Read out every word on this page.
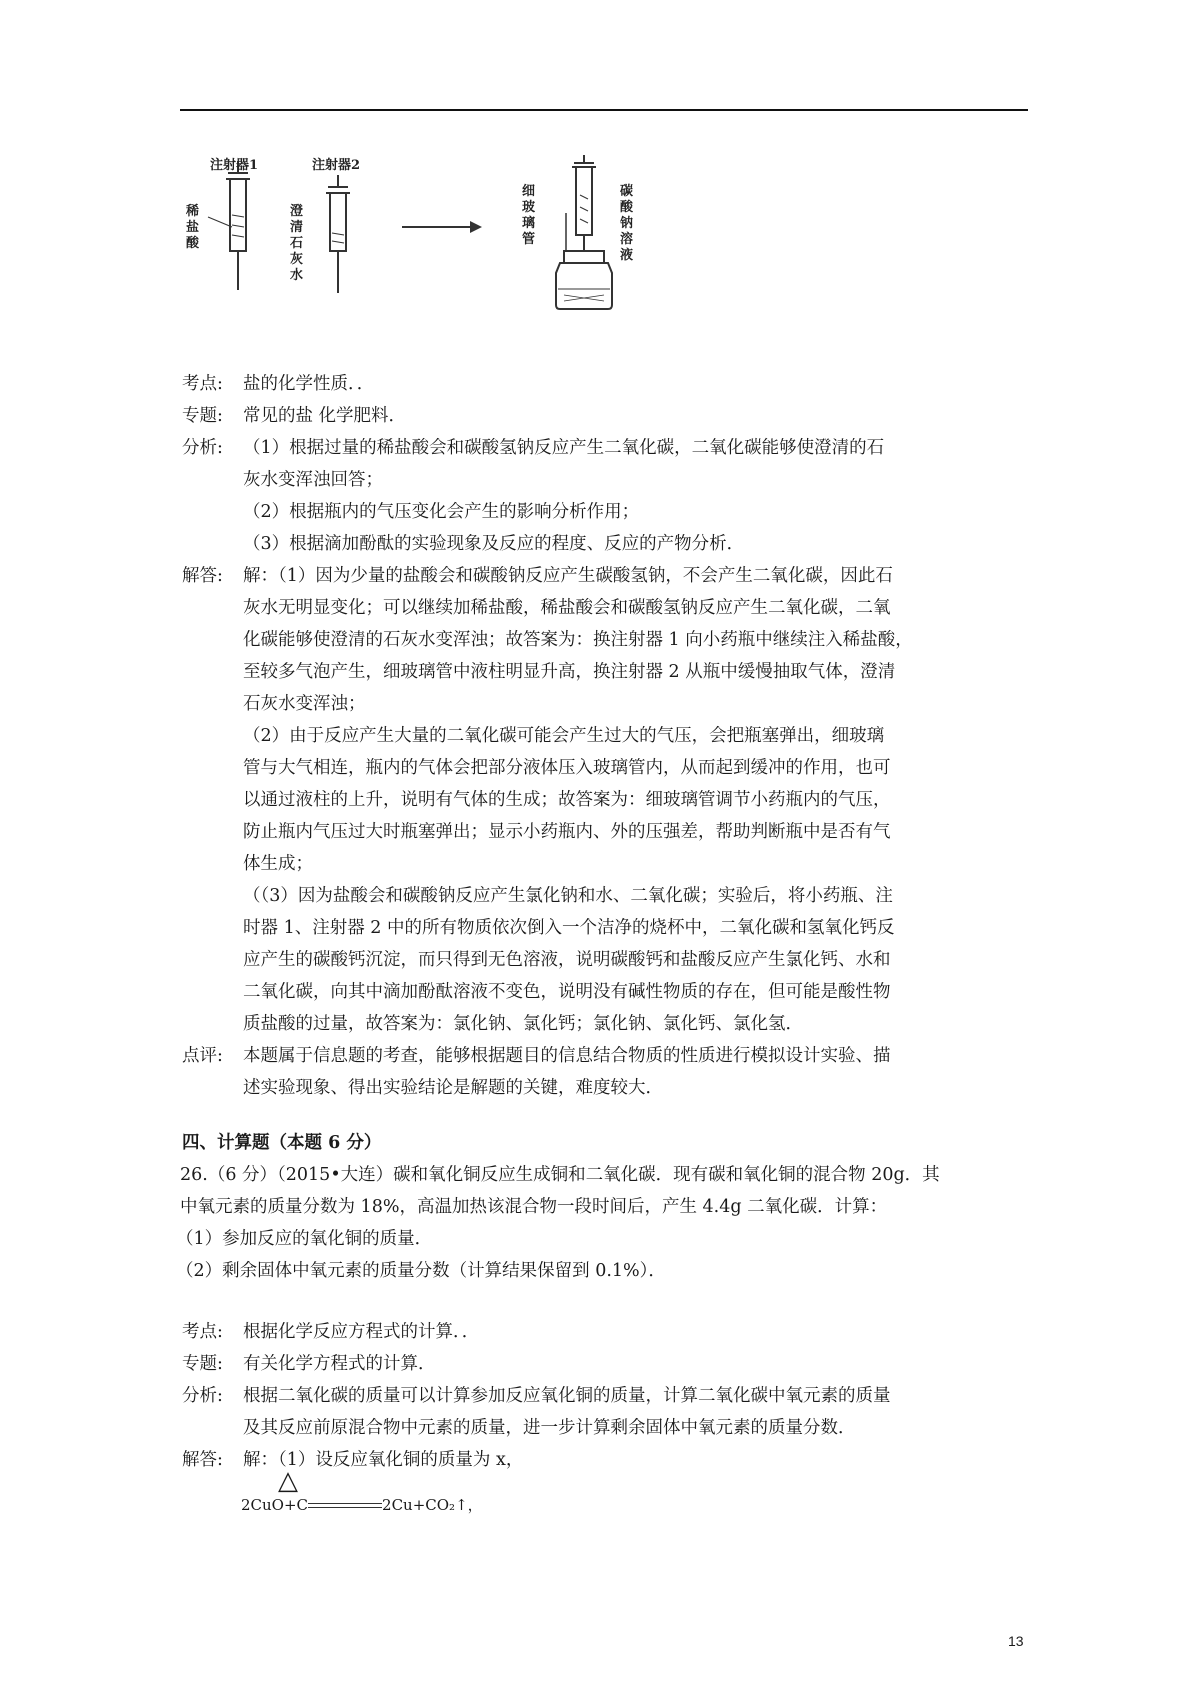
注射器1
稀
盐
酸
注射器2
澄
清
石
灰
水
细
玻
璃
管
碳
酸
钠
溶
液
考点: 盐的化学性质．．
专题: 常见的盐 化学肥料．
分析: （1）根据过量的稀盐酸会和碳酸氢钠反应产生二氧化碳，二氧化碳能够使澄清的石
灰水变浑浊回答；
（2）根据瓶内的气压变化会产生的影响分析作用；
（3）根据滴加酚酞的实验现象及反应的程度、反应的产物分析．
解答: 解：（1）因为少量的盐酸会和碳酸钠反应产生碳酸氢钠，不会产生二氧化碳，因此石
灰水无明显变化；可以继续加稀盐酸，稀盐酸会和碳酸氢钠反应产生二氧化碳，二氧
化碳能够使澄清的石灰水变浑浊；故答案为：换注射器 1 向小药瓶中继续注入稀盐酸，
至较多气泡产生，细玻璃管中液柱明显升高，换注射器 2 从瓶中缓慢抽取气体，澄清
石灰水变浑浊；
（2）由于反应产生大量的二氧化碳可能会产生过大的气压，会把瓶塞弹出，细玻璃
管与大气相连，瓶内的气体会把部分液体压入玻璃管内，从而起到缓冲的作用，也可
以通过液柱的上升，说明有气体的生成；故答案为：细玻璃管调节小药瓶内的气压，
防止瓶内气压过大时瓶塞弹出；显示小药瓶内、外的压强差，帮助判断瓶中是否有气
体生成；
（（3）因为盐酸会和碳酸钠反应产生氯化钠和水、二氧化碳；实验后，将小药瓶、注
时器 1、注射器 2 中的所有物质依次倒入一个洁净的烧杯中，二氧化碳和氢氧化钙反
应产生的碳酸钙沉淀，而只得到无色溶液，说明碳酸钙和盐酸反应产生氯化钙、水和
二氧化碳，向其中滴加酚酞溶液不变色，说明没有碱性物质的存在，但可能是酸性物
质盐酸的过量，故答案为：氯化钠、氯化钙；氯化钠、氯化钙、氯化氢．
点评: 本题属于信息题的考查，能够根据题目的信息结合物质的性质进行模拟设计实验、描
述实验现象、得出实验结论是解题的关键，难度较大．
四、计算题（本题 6 分）
26.（6 分）（2015•大连）碳和氧化铜反应生成铜和二氧化碳．现有碳和氧化铜的混合物 20g．其
中氧元素的质量分数为 18%，高温加热该混合物一段时间后，产生 4.4g 二氧化碳．计算：
（1）参加反应的氧化铜的质量．
（2）剩余固体中氧元素的质量分数（计算结果保留到 0.1%）．
考点: 根据化学反应方程式的计算．．
专题: 有关化学方程式的计算．
分析: 根据二氧化碳的质量可以计算参加反应氧化铜的质量，计算二氧化碳中氧元素的质量
及其反应前原混合物中元素的质量，进一步计算剩余固体中氧元素的质量分数．
解答: 解：（1）设反应氧化铜的质量为 x，
2CuO+C	2Cu+CO₂↑，
△
13
